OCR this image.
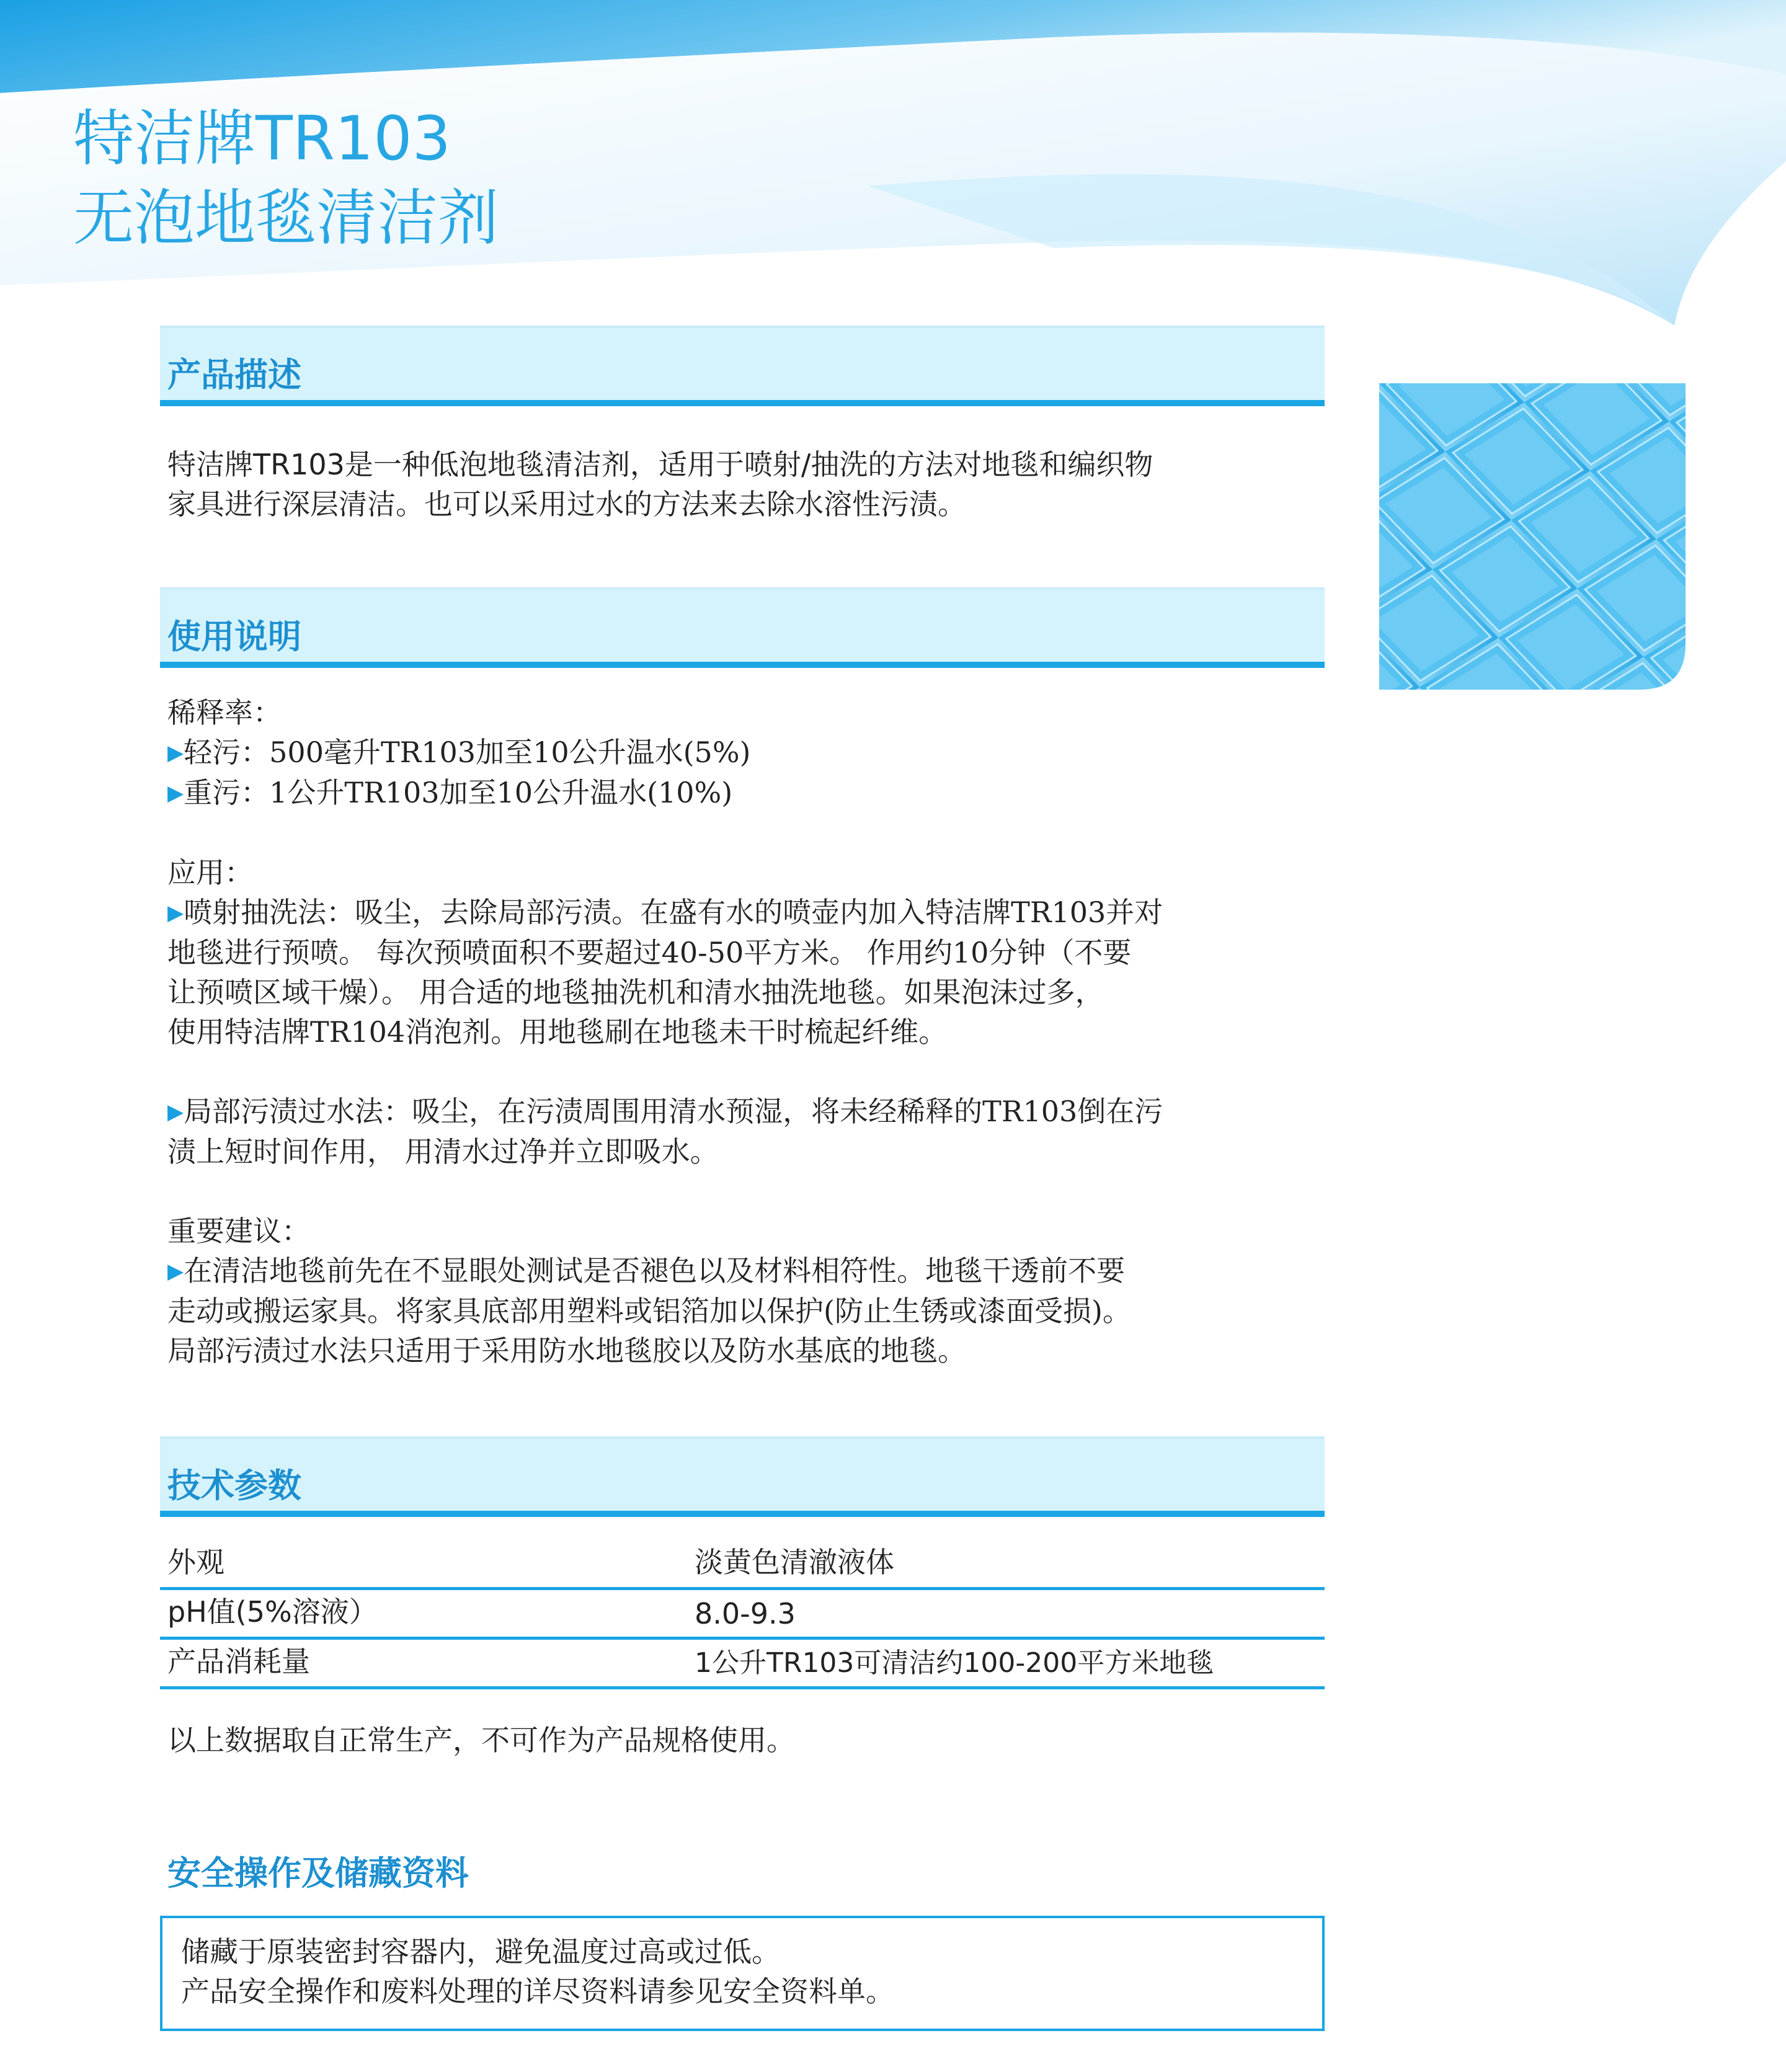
特洁牌TR103
无泡地毯清洁剂
产品描述

特洁牌TR103是一种低泡地毯清洁剂，适用于喷射/抽洗的方法对地毯和编织物
家具进行深层清洁。也可以采用过水的方法来去除水溶性污渍。

使用说明

稀释率：
▶轻污：500毫升TR103加至10公升温水(5%)
▶重污：1公升TR103加至10公升温水(10%)

应用：
▶喷射抽洗法：吸尘，去除局部污渍。在盛有水的喷壶内加入特洁牌TR103并对
地毯进行预喷。 每次预喷面积不要超过40-50平方米。 作用约10分钟（不要
让预喷区域干燥）。 用合适的地毯抽洗机和清水抽洗地毯。如果泡沫过多，
使用特洁牌TR104消泡剂。用地毯刷在地毯未干时梳起纤维。

▶局部污渍过水法：吸尘，在污渍周围用清水预湿，将未经稀释的TR103倒在污
渍上短时间作用， 用清水过净并立即吸水。

重要建议：
▶在清洁地毯前先在不显眼处测试是否褪色以及材料相符性。地毯干透前不要
走动或搬运家具。将家具底部用塑料或铝箔加以保护(防止生锈或漆面受损)。
局部污渍过水法只适用于采用防水地毯胶以及防水基底的地毯。

技术参数
外观	淡黄色清澈液体
pH值(5%溶液）	8.0-9.3
产品消耗量	1公升TR103可清洁约100-200平方米地毯

以上数据取自正常生产，不可作为产品规格使用。

安全操作及储藏资料
储藏于原装密封容器内，避免温度过高或过低。
产品安全操作和废料处理的详尽资料请参见安全资料单。
